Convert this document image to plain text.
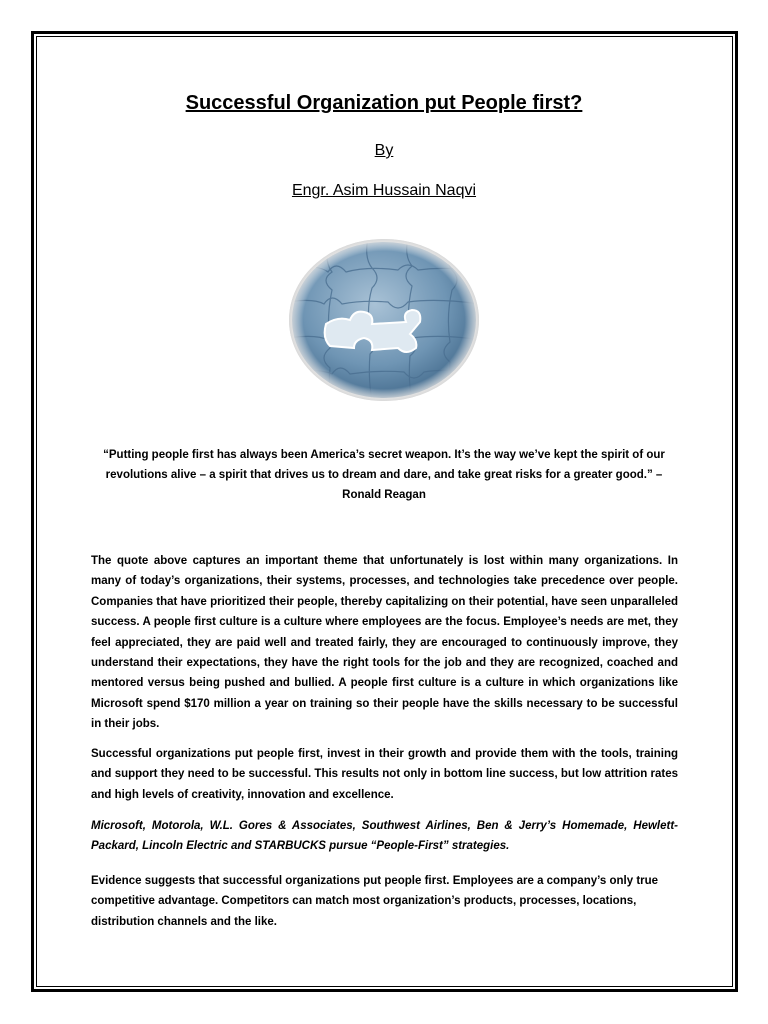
Successful Organization put People first?
By
Engr. Asim Hussain Naqvi
“Putting people first has always been America’s secret weapon. It’s the way we’ve kept the spirit of our
revolutions alive – a spirit that drives us to dream and dare, and take great risks for a greater good.” –
Ronald Reagan

The quote above captures an important theme that unfortunately is lost within many organizations. In many of today’s organizations, their systems, processes, and technologies take precedence over people. Companies that have prioritized their people, thereby capitalizing on their potential, have seen unparalleled success. A people first culture is a culture where employees are the focus. Employee’s needs are met, they feel appreciated, they are paid well and treated fairly, they are encouraged to continuously improve, they understand their expectations, they have the right tools for the job and they are recognized, coached and mentored versus being pushed and bullied. A people first culture is a culture in which organizations like Microsoft spend $170 million a year on training so their people have the skills necessary to be successful in their jobs.

Successful organizations put people first, invest in their growth and provide them with the tools, training and support they need to be successful. This results not only in bottom line success, but low attrition rates and high levels of creativity, innovation and excellence.

Microsoft, Motorola, W.L. Gores & Associates, Southwest Airlines, Ben & Jerry’s Homemade, Hewlett-Packard, Lincoln Electric and STARBUCKS pursue “People-First” strategies.

Evidence suggests that successful organizations put people first. Employees are a company’s only true competitive advantage. Competitors can match most organization’s products, processes, locations, distribution channels and the like.
